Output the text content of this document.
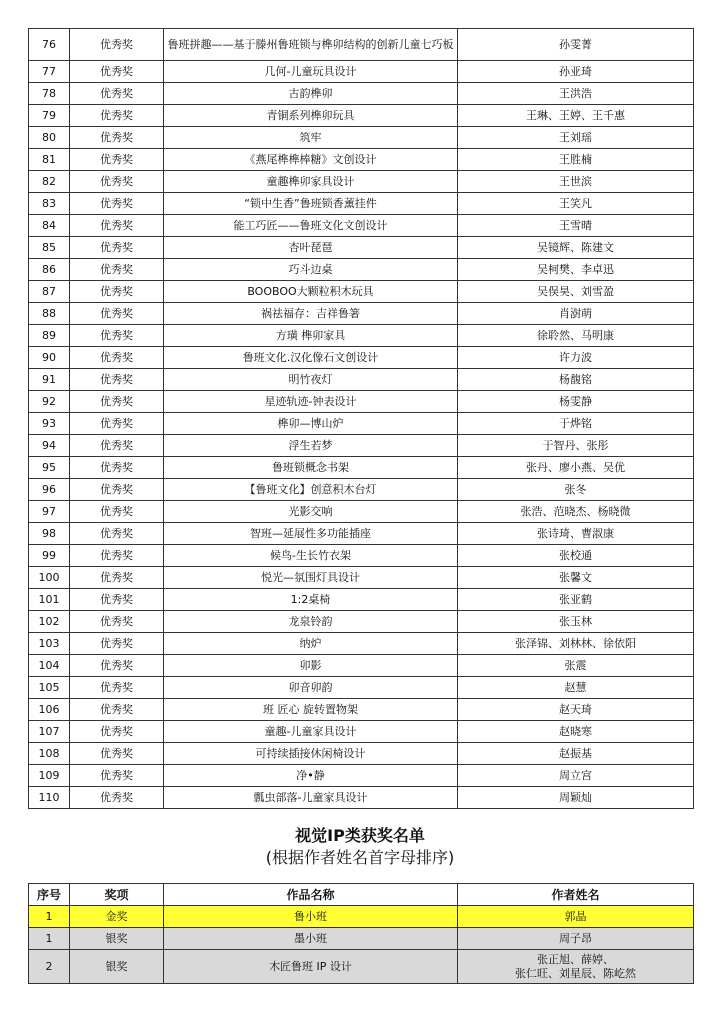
76	优秀奖	鲁班拼趣——基于滕州鲁班锁与榫卯结构的创新儿童七巧板	孙雯菁
77	优秀奖	几何-儿童玩具设计	孙亚琦
78	优秀奖	古韵榫卯	王洪浩
79	优秀奖	青铜系列榫卯玩具	王琳、王婷、王千惠
80	优秀奖	筑牢	王刘瑶
81	优秀奖	《燕尾榫榫棒糖》文创设计	王胜楠
82	优秀奖	童趣榫卯家具设计	王世滨
83	优秀奖	“锁中生香”鲁班锁香薰挂件	王笑凡
84	优秀奖	能工巧匠——鲁班文化文创设计	王雪晴
85	优秀奖	杏叶琵琶	吴镜辉、陈建文
86	优秀奖	巧斗边桌	吴柯樊、李卓迅
87	优秀奖	BOOBOO大颗粒积木玩具	吴俣昊、刘雪盈
88	优秀奖	祸祛福存：吉祥鲁箸	肖澍萌
89	优秀奖	方璜 榫卯家具	徐聆然、马明康
90	优秀奖	鲁班文化.汉化像石文创设计	许力波
91	优秀奖	明竹夜灯	杨馥铭
92	优秀奖	星迹轨迹-钟表设计	杨雯静
93	优秀奖	榫卯—博山炉	于烨铭
94	优秀奖	浮生若梦	于智丹、张彤
95	优秀奖	鲁班锁概念书架	张丹、廖小燕、吴优
96	优秀奖	【鲁班文化】创意积木台灯	张冬
97	优秀奖	光影交响	张浩、范晓杰、杨晓微
98	优秀奖	智班—延展性多功能插座	张诗琦、曹淑康
99	优秀奖	候鸟-生长竹衣架	张校通
100	优秀奖	悦光—氛围灯具设计	张馨文
101	优秀奖	1:2桌椅	张亚鹤
102	优秀奖	龙泉铃韵	张玉林
103	优秀奖	纳炉	张泽锦、刘林林、徐依阳
104	优秀奖	卯影	张震
105	优秀奖	卯音卯韵	赵慧
106	优秀奖	班 匠心 旋转置物架	赵天琦
107	优秀奖	童趣-儿童家具设计	赵晓寒
108	优秀奖	可持续插接休闲椅设计	赵振基
109	优秀奖	净•静	周立宫
110	优秀奖	瓢虫部落-儿童家具设计	周颖灿
视觉IP类获奖名单
(根据作者姓名首字母排序)
序号	奖项	作品名称	作者姓名
1	金奖	鲁小班	郭晶
1	银奖	墨小班	周子昂
2	银奖	木匠鲁班 IP 设计	张正旭、薛婷、
张仁旺、刘星辰、陈屹然
